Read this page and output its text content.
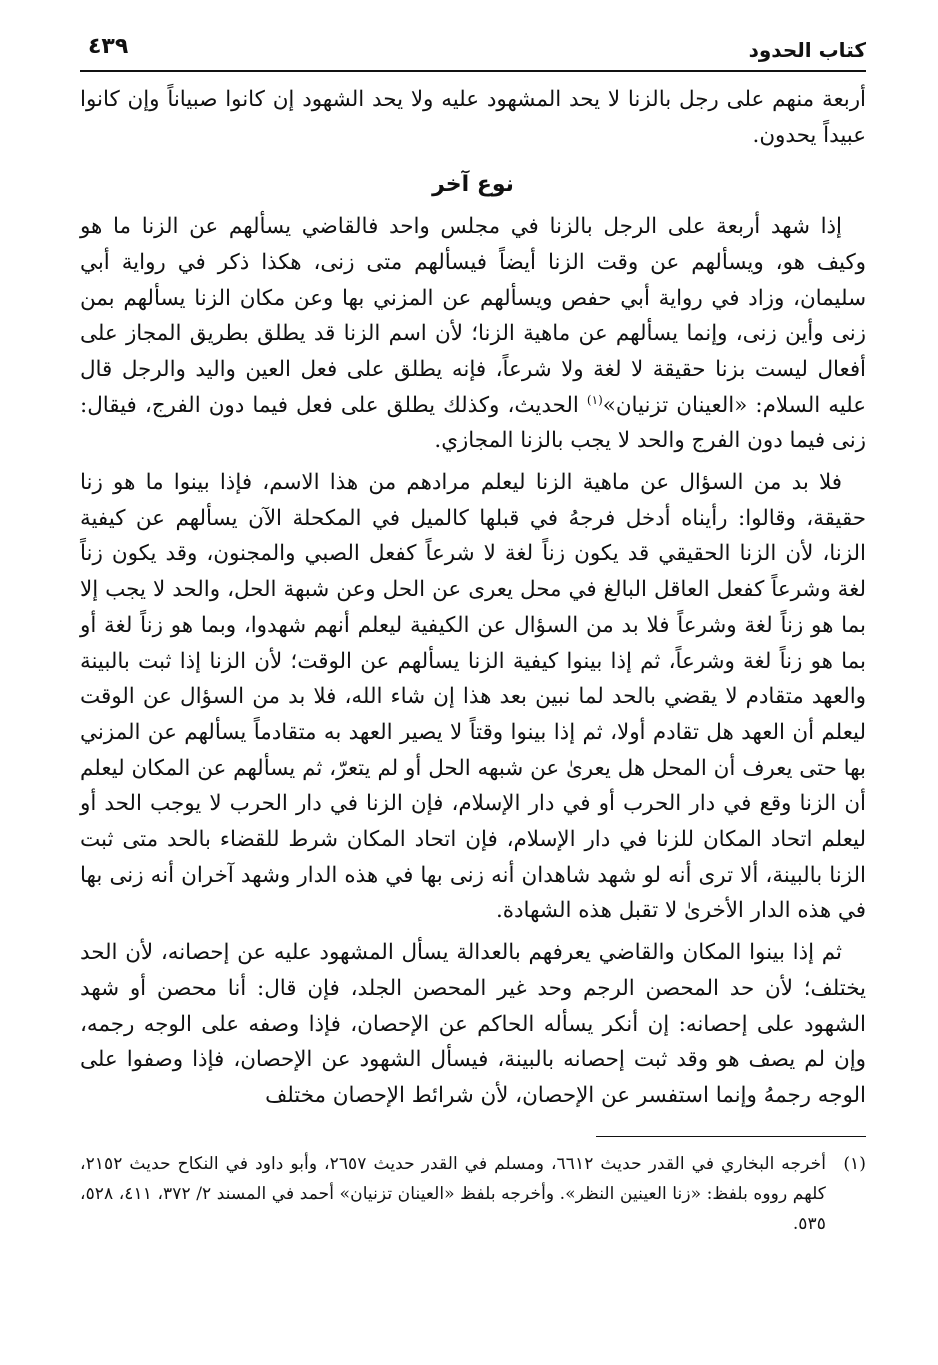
كتاب الحدود
٤٣٩

أربعة منهم على رجل بالزنا لا يحد المشهود عليه ولا يحد الشهود إن كانوا صبياناً وإن كانوا عبيداً يحدون.

نوع آخر

إذا شهد أربعة على الرجل بالزنا في مجلس واحد فالقاضي يسألهم عن الزنا ما هو وكيف هو، ويسألهم عن وقت الزنا أيضاً فيسألهم متى زنى، هكذا ذكر في رواية أبي سليمان، وزاد في رواية أبي حفص ويسألهم عن المزني بها وعن مكان الزنا يسألهم بمن زنى وأين زنى، وإنما يسألهم عن ماهية الزنا؛ لأن اسم الزنا قد يطلق بطريق المجاز على أفعال ليست بزنا حقيقة لا لغة ولا شرعاً، فإنه يطلق على فعل العين واليد والرجل قال عليه السلام: «العينان تزنيان»$^{(١)}$ الحديث، وكذلك يطلق على فعل فيما دون الفرج، فيقال: زنى فيما دون الفرج والحد لا يجب بالزنا المجازي.

فلا بد من السؤال عن ماهية الزنا ليعلم مرادهم من هذا الاسم، فإذا بينوا ما هو زنا حقيقة، وقالوا: رأيناه أدخل فرجهُ في قبلها كالميل في المكحلة الآن يسألهم عن كيفية الزنا، لأن الزنا الحقيقي قد يكون زناً لغة لا شرعاً كفعل الصبي والمجنون، وقد يكون زناً لغة وشرعاً كفعل العاقل البالغ في محل يعرى عن الحل وعن شبهة الحل، والحد لا يجب إلا بما هو زناً لغة وشرعاً فلا بد من السؤال عن الكيفية ليعلم أنهم شهدوا، وبما هو زناً لغة أو بما هو زناً لغة وشرعاً، ثم إذا بينوا كيفية الزنا يسألهم عن الوقت؛ لأن الزنا إذا ثبت بالبينة والعهد متقادم لا يقضي بالحد لما نبين بعد هذا إن شاء الله، فلا بد من السؤال عن الوقت ليعلم أن العهد هل تقادم أولا، ثم إذا بينوا وقتاً لا يصير العهد به متقادماً يسألهم عن المزني بها حتى يعرف أن المحل هل يعرىٰ عن شبهه الحل أو لم يتعرّ، ثم يسألهم عن المكان ليعلم أن الزنا وقع في دار الحرب أو في دار الإسلام، فإن الزنا في دار الحرب لا يوجب الحد أو ليعلم اتحاد المكان للزنا في دار الإسلام، فإن اتحاد المكان شرط للقضاء بالحد متى ثبت الزنا بالبينة، ألا ترى أنه لو شهد شاهدان أنه زنى بها في هذه الدار وشهد آخران أنه زنى بها في هذه الدار الأخرىٰ لا تقبل هذه الشهادة.

ثم إذا بينوا المكان والقاضي يعرفهم بالعدالة يسأل المشهود عليه عن إحصانه، لأن الحد يختلف؛ لأن حد المحصن الرجم وحد غير المحصن الجلد، فإن قال: أنا محصن أو شهد الشهود على إحصانه: إن أنكر يسأله الحاكم عن الإحصان، فإذا وصفه على الوجه رجمه، وإن لم يصف هو وقد ثبت إحصانه بالبينة، فيسأل الشهود عن الإحصان، فإذا وصفوا على الوجه رجمهُ وإنما استفسر عن الإحصان، لأن شرائط الإحصان مختلف

(١)
أخرجه البخاري في القدر حديث ٦٦١٢، ومسلم في القدر حديث ٢٦٥٧، وأبو داود في النكاح حديث ٢١٥٢، كلهم رووه بلفظ: «زنا العينين النظر». وأخرجه بلفظ «العينان تزنيان» أحمد في المسند ٢/ ٣٧٢، ٤١١، ٥٢٨، ٥٣٥.
